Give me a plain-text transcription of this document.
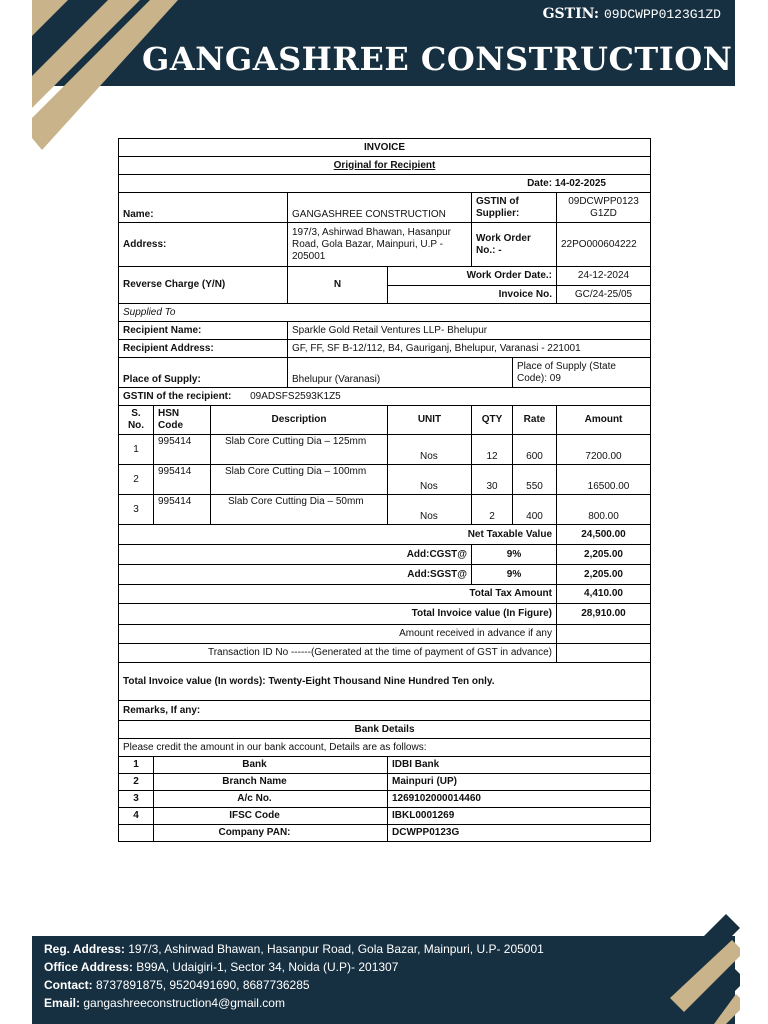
GSTIN: 09DCWPP0123G1ZD
GANGASHREE CONSTRUCTION
INVOICE							
Original for Recipient							
Date: 14-02-2025							
Name:			GANGASHREE CONSTRUCTION		GSTIN of Supplier:		09DCWPP0123 G1ZD
Address:			197/3, Ashirwad Bhawan, Hasanpur Road, Gola Bazar, Mainpuri, U.P - 205001		Work Order No.: -		22PO000604222
Reverse Charge (Y/N)			N	Work Order Date.:			24-12-2024
				Invoice No.			GC/24-25/05
Supplied To							
Recipient Name:			Sparkle Gold Retail Ventures LLP- Bhelupur				
Recipient Address:			GF, FF, SF B-12/112, B4, Gauriganj, Bhelupur, Varanasi - 221001				
Place of Supply:			Bhelupur (Varanasi)			Place of Supply (State Code): 09	
GSTIN of the recipient: 09ADSFS2593K1Z5							
S. No.	HSN Code	Description		UNIT	QTY	Rate	Amount
1	995414	Slab Core Cutting Dia – 125mm		Nos	12	600	7200.00
2	995414	Slab Core Cutting Dia – 100mm		Nos	30	550	16500.00
3	995414	Slab Core Cutting Dia – 50mm		Nos	2	400	800.00
Net Taxable Value							24,500.00
Add:CGST@					9%		2,205.00
Add:SGST@					9%		2,205.00
Total Tax Amount							4,410.00
Total Invoice value (In Figure)							28,910.00
Amount received in advance if any							
Transaction ID No ------(Generated at the time of payment of GST in advance)							
Total Invoice value (In words): Twenty-Eight Thousand Nine Hundred Ten only.							
Remarks, If any:							
Bank Details							
Please credit the amount in our bank account, Details are as follows:							
1	Bank			IDBI Bank			
2	Branch Name			Mainpuri (UP)			
3	A/c No.			1269102000014460			
4	IFSC Code			IBKL0001269			
	Company PAN:			DCWPP0123G			
Reg. Address: 197/3, Ashirwad Bhawan, Hasanpur Road, Gola Bazar, Mainpuri, U.P- 205001
Office Address: B99A, Udaigiri-1, Sector 34, Noida (U.P)- 201307
Contact: 8737891875, 9520491690, 8687736285
Email: gangashreeconstruction4@gmail.com
